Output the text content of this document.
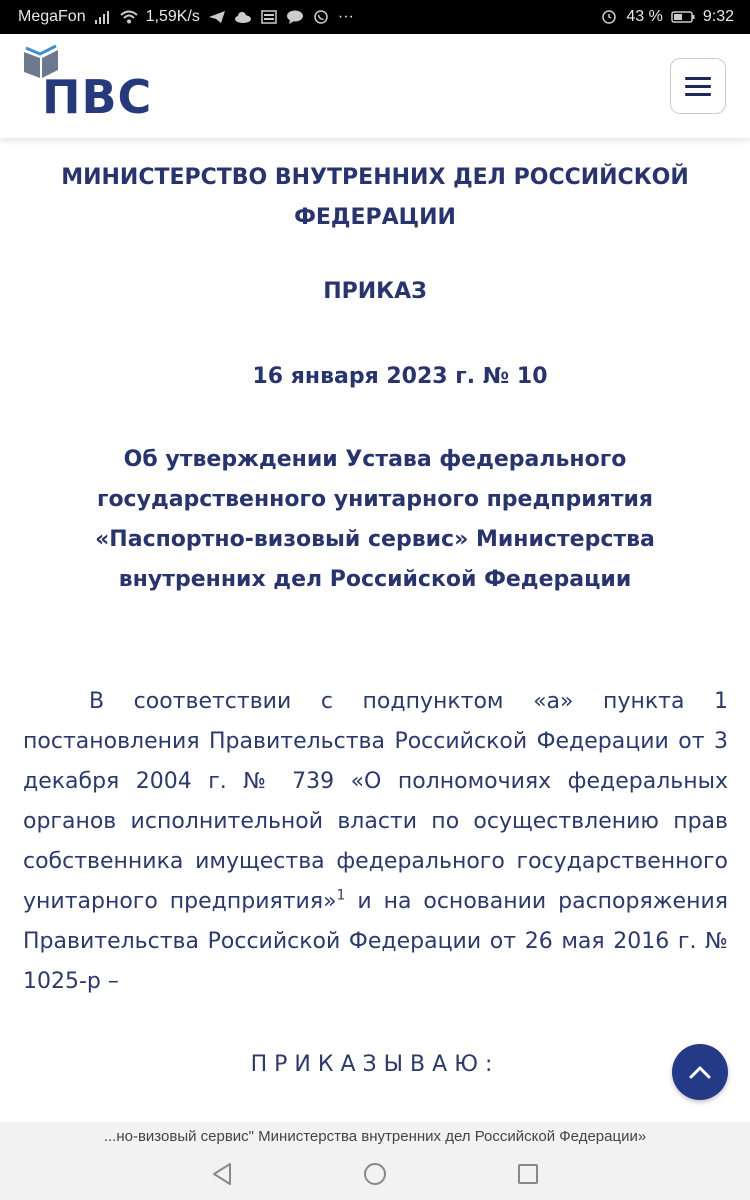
MegaFon	1,59K/s	···	43 %	9:32
ПВС
МИНИСТЕРСТВО ВНУТРЕННИХ ДЕЛ РОССИЙСКОЙ ФЕДЕРАЦИИ
ПРИКАЗ
16 января 2023 г. № 10
Об утверждении Устава федерального государственного унитарного предприятия «Паспортно-визовый сервис» Министерства внутренних дел Российской Федерации
В соответствии с подпунктом «а» пункта 1 постановления Правительства Российской Федерации от 3 декабря 2004 г. № 739 «О полномочиях федеральных органов исполнительной власти по осуществлению прав собственника имущества федерального государственного унитарного предприятия»$^1$ и на основании распоряжения Правительства Российской Федерации от 26 мая 2016 г. № 1025-р –
ПРИКАЗЫВАЮ:
...но-визовый сервис" Министерства внутренних дел Российской Федерации»
